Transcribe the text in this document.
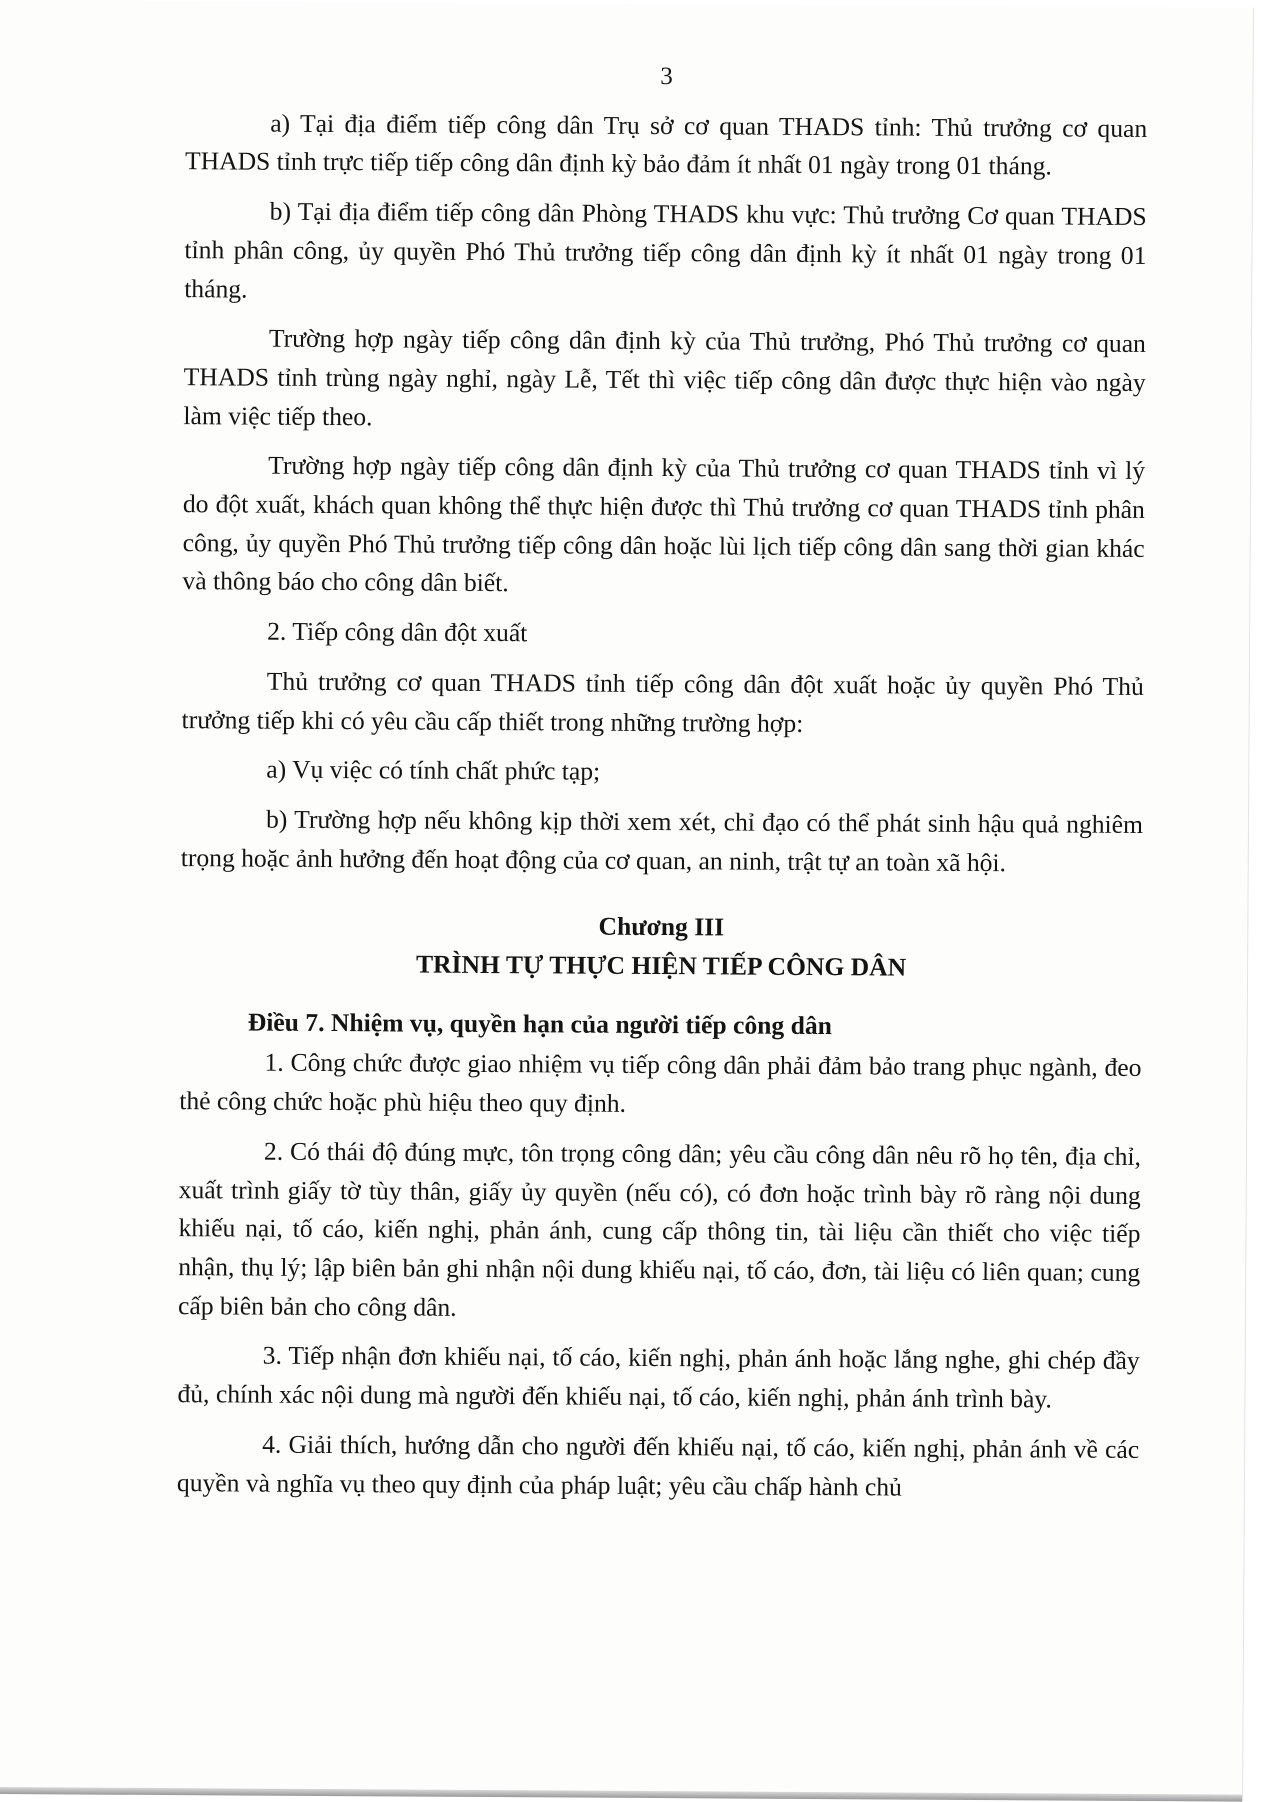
3

a) Tại địa điểm tiếp công dân Trụ sở cơ quan THADS tỉnh: Thủ trưởng cơ quan THADS tỉnh trực tiếp tiếp công dân định kỳ bảo đảm ít nhất 01 ngày trong 01 tháng.

b) Tại địa điểm tiếp công dân Phòng THADS khu vực: Thủ trưởng Cơ quan THADS tỉnh phân công, ủy quyền Phó Thủ trưởng tiếp công dân định kỳ ít nhất 01 ngày trong 01 tháng.

Trường hợp ngày tiếp công dân định kỳ của Thủ trưởng, Phó Thủ trưởng cơ quan THADS tỉnh trùng ngày nghỉ, ngày Lễ, Tết thì việc tiếp công dân được thực hiện vào ngày làm việc tiếp theo.

Trường hợp ngày tiếp công dân định kỳ của Thủ trưởng cơ quan THADS tỉnh vì lý do đột xuất, khách quan không thể thực hiện được thì Thủ trưởng cơ quan THADS tỉnh phân công, ủy quyền Phó Thủ trưởng tiếp công dân hoặc lùi lịch tiếp công dân sang thời gian khác và thông báo cho công dân biết.

2. Tiếp công dân đột xuất

Thủ trưởng cơ quan THADS tỉnh tiếp công dân đột xuất hoặc ủy quyền Phó Thủ trưởng tiếp khi có yêu cầu cấp thiết trong những trường hợp:

a) Vụ việc có tính chất phức tạp;

b) Trường hợp nếu không kịp thời xem xét, chỉ đạo có thể phát sinh hậu quả nghiêm trọng hoặc ảnh hưởng đến hoạt động của cơ quan, an ninh, trật tự an toàn xã hội.

Chương III
TRÌNH TỰ THỰC HIỆN TIẾP CÔNG DÂN

Điều 7. Nhiệm vụ, quyền hạn của người tiếp công dân

1. Công chức được giao nhiệm vụ tiếp công dân phải đảm bảo trang phục ngành, đeo thẻ công chức hoặc phù hiệu theo quy định.

2. Có thái độ đúng mực, tôn trọng công dân; yêu cầu công dân nêu rõ họ tên, địa chỉ, xuất trình giấy tờ tùy thân, giấy ủy quyền (nếu có), có đơn hoặc trình bày rõ ràng nội dung khiếu nại, tố cáo, kiến nghị, phản ánh, cung cấp thông tin, tài liệu cần thiết cho việc tiếp nhận, thụ lý; lập biên bản ghi nhận nội dung khiếu nại, tố cáo, đơn, tài liệu có liên quan; cung cấp biên bản cho công dân.

3. Tiếp nhận đơn khiếu nại, tố cáo, kiến nghị, phản ánh hoặc lắng nghe, ghi chép đầy đủ, chính xác nội dung mà người đến khiếu nại, tố cáo, kiến nghị, phản ánh trình bày.

4. Giải thích, hướng dẫn cho người đến khiếu nại, tố cáo, kiến nghị, phản ánh về các quyền và nghĩa vụ theo quy định của pháp luật; yêu cầu chấp hành chủ
